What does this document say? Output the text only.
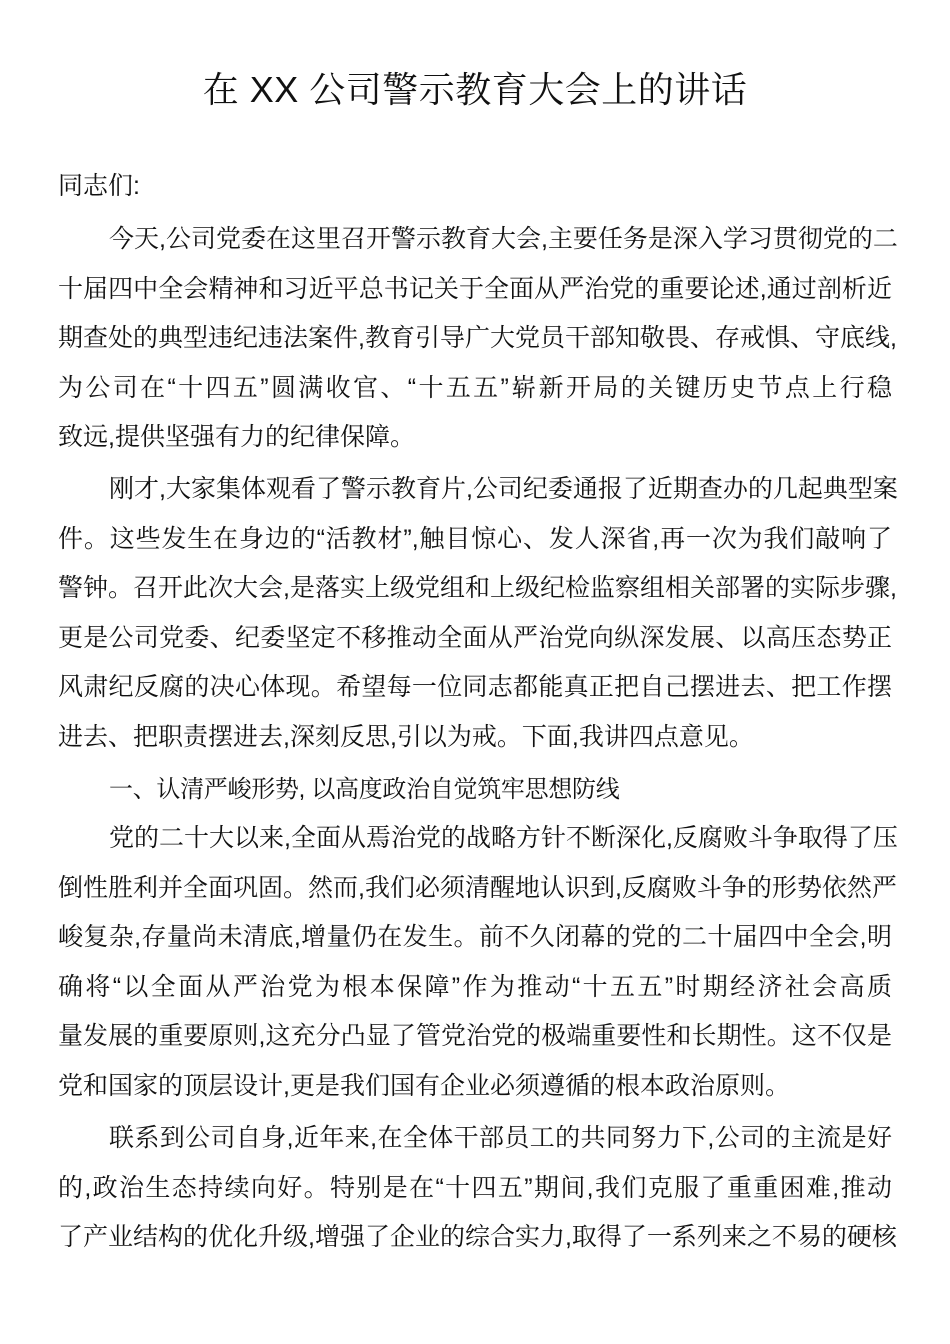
在 XX 公司警示教育大会上的讲话
同志们:
今天,公司党委在这里召开警示教育大会,主要任务是深入学习贯彻党的二
十届四中全会精神和习近平总书记关于全面从严治党的重要论述,通过剖析近
期查处的典型违纪违法案件,教育引导广大党员干部知敬畏、存戒惧、守底线,
为公司在“十四五”圆满收官、“十五五”崭新开局的关键历史节点上行稳
致远,提供坚强有力的纪律保障。
刚才,大家集体观看了警示教育片,公司纪委通报了近期查办的几起典型案
件。这些发生在身边的“活教材”,触目惊心、发人深省,再一次为我们敲响了
警钟。召开此次大会,是落实上级党组和上级纪检监察组相关部署的实际步骤,
更是公司党委、纪委坚定不移推动全面从严治党向纵深发展、以高压态势正
风肃纪反腐的决心体现。希望每一位同志都能真正把自己摆进去、把工作摆
进去、把职责摆进去,深刻反思,引以为戒。下面,我讲四点意见。
一、认清严峻形势, 以高度政治自觉筑牢思想防线
党的二十大以来,全面从焉治党的战略方针不断深化,反腐败斗争取得了压
倒性胜利并全面巩固。然而,我们必须清醒地认识到,反腐败斗争的形势依然严
峻复杂,存量尚未清底,增量仍在发生。前不久闭幕的党的二十届四中全会,明
确将“以全面从严治党为根本保障”作为推动“十五五”时期经济社会高质
量发展的重要原则,这充分凸显了管党治党的极端重要性和长期性。这不仅是
党和国家的顶层设计,更是我们国有企业必须遵循的根本政治原则。
联系到公司自身,近年来,在全体干部员工的共同努力下,公司的主流是好
的,政治生态持续向好。特别是在“十四五”期间,我们克服了重重困难,推动
了产业结构的优化升级,增强了企业的综合实力,取得了一系列来之不易的硬核
